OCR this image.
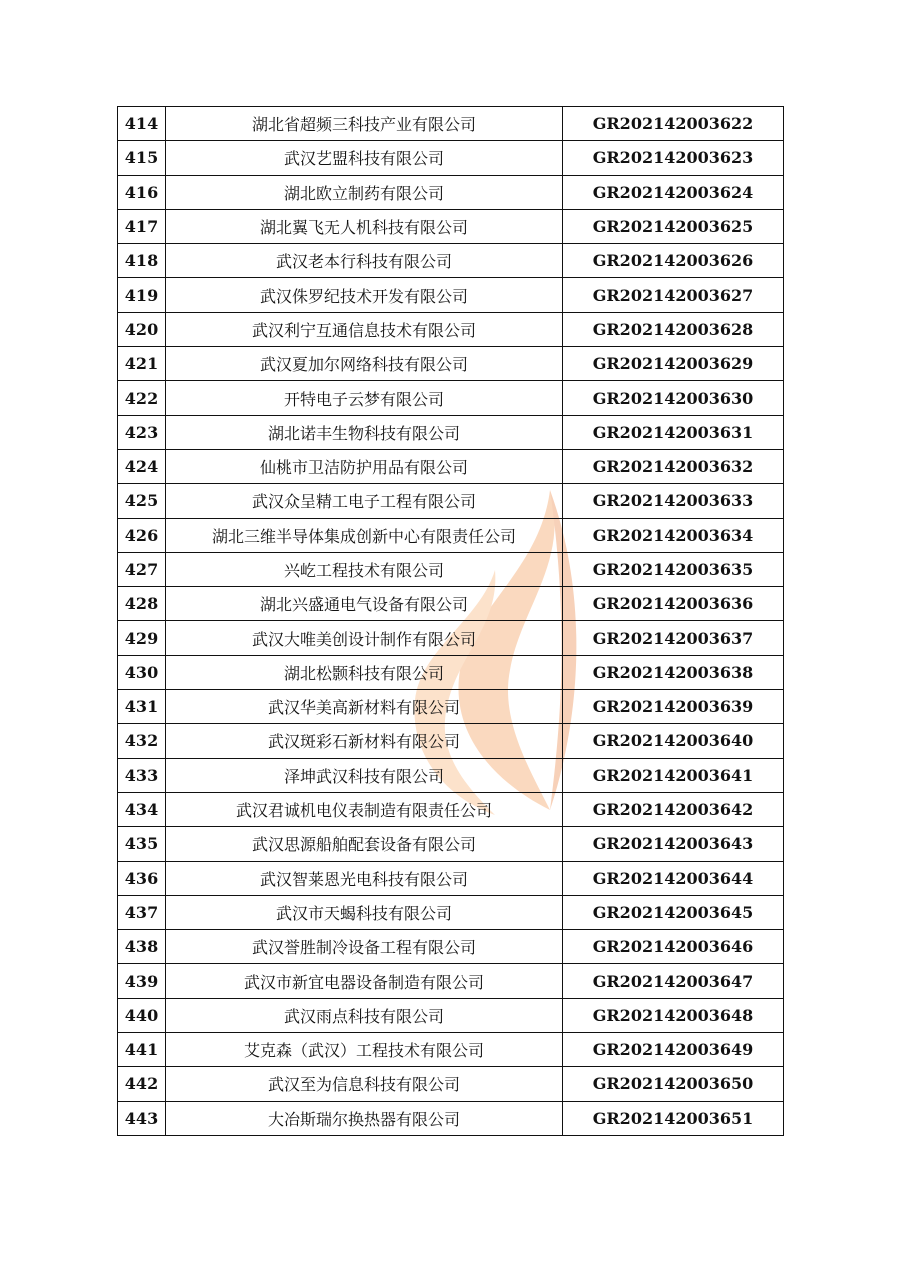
414	湖北省超频三科技产业有限公司	GR202142003622
415	武汉艺盟科技有限公司	GR202142003623
416	湖北欧立制药有限公司	GR202142003624
417	湖北翼飞无人机科技有限公司	GR202142003625
418	武汉老本行科技有限公司	GR202142003626
419	武汉侏罗纪技术开发有限公司	GR202142003627
420	武汉利宁互通信息技术有限公司	GR202142003628
421	武汉夏加尔网络科技有限公司	GR202142003629
422	开特电子云梦有限公司	GR202142003630
423	湖北诺丰生物科技有限公司	GR202142003631
424	仙桃市卫洁防护用品有限公司	GR202142003632
425	武汉众呈精工电子工程有限公司	GR202142003633
426	湖北三维半导体集成创新中心有限责任公司	GR202142003634
427	兴屹工程技术有限公司	GR202142003635
428	湖北兴盛通电气设备有限公司	GR202142003636
429	武汉大唯美创设计制作有限公司	GR202142003637
430	湖北松颢科技有限公司	GR202142003638
431	武汉华美高新材料有限公司	GR202142003639
432	武汉斑彩石新材料有限公司	GR202142003640
433	泽坤武汉科技有限公司	GR202142003641
434	武汉君诚机电仪表制造有限责任公司	GR202142003642
435	武汉思源船舶配套设备有限公司	GR202142003643
436	武汉智莱恩光电科技有限公司	GR202142003644
437	武汉市天蝎科技有限公司	GR202142003645
438	武汉誉胜制冷设备工程有限公司	GR202142003646
439	武汉市新宜电器设备制造有限公司	GR202142003647
440	武汉雨点科技有限公司	GR202142003648
441	艾克森（武汉）工程技术有限公司	GR202142003649
442	武汉至为信息科技有限公司	GR202142003650
443	大冶斯瑞尔换热器有限公司	GR202142003651
